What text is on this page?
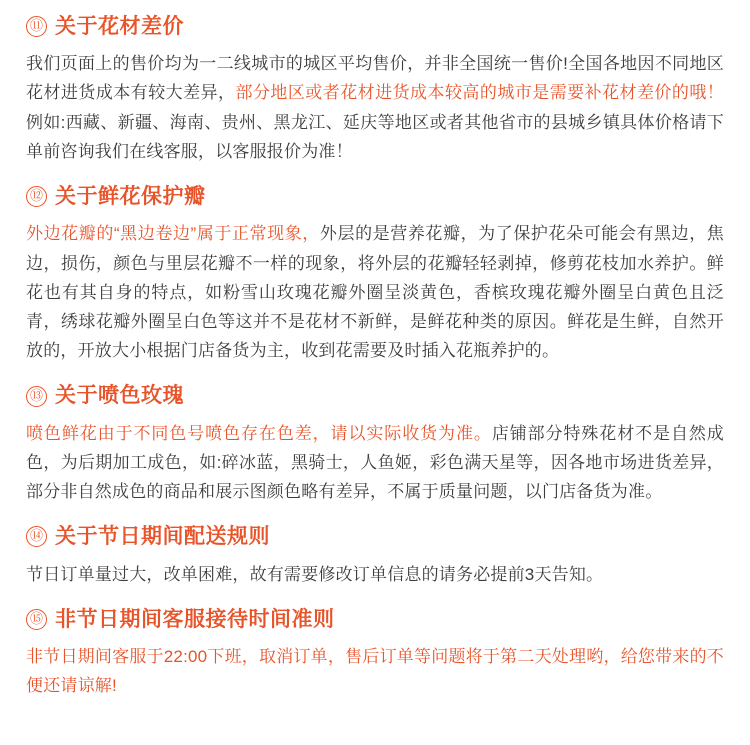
⑪ 关于花材差价
我们页面上的售价均为一二线城市的城区平均售价，并非全国统一售价!全国各地因不同地区花材进货成本有较大差异，部分地区或者花材进货成本较高的城市是需要补花材差价的哦！例如:西藏、新疆、海南、贵州、黑龙江、延庆等地区或者其他省市的县城乡镇具体价格请下单前咨询我们在线客服，以客服报价为准！
⑫ 关于鲜花保护瓣
外边花瓣的“黑边卷边”属于正常现象，外层的是营养花瓣，为了保护花朵可能会有黑边，焦边，损伤，颜色与里层花瓣不一样的现象，将外层的花瓣轻轻剥掉，修剪花枝加水养护。鲜花也有其自身的特点，如粉雪山玫瑰花瓣外圈呈淡黄色，香槟玫瑰花瓣外圈呈白黄色且泛青，绣球花瓣外圈呈白色等这并不是花材不新鲜，是鲜花种类的原因。鲜花是生鲜，自然开放的，开放大小根据门店备货为主，收到花需要及时插入花瓶养护的。
⑬ 关于喷色玫瑰
喷色鲜花由于不同色号喷色存在色差，请以实际收货为准。店铺部分特殊花材不是自然成色，为后期加工成色，如:碎冰蓝，黑骑士，人鱼姬，彩色满天星等，因各地市场进货差异，部分非自然成色的商品和展示图颜色略有差异，不属于质量问题，以门店备货为准。
⑭ 关于节日期间配送规则
节日订单量过大，改单困难，故有需要修改订单信息的请务必提前3天告知。
⑮ 非节日期间客服接待时间准则
非节日期间客服于22:00下班，取消订单，售后订单等问题将于第二天处理哟，给您带来的不便还请谅解!
